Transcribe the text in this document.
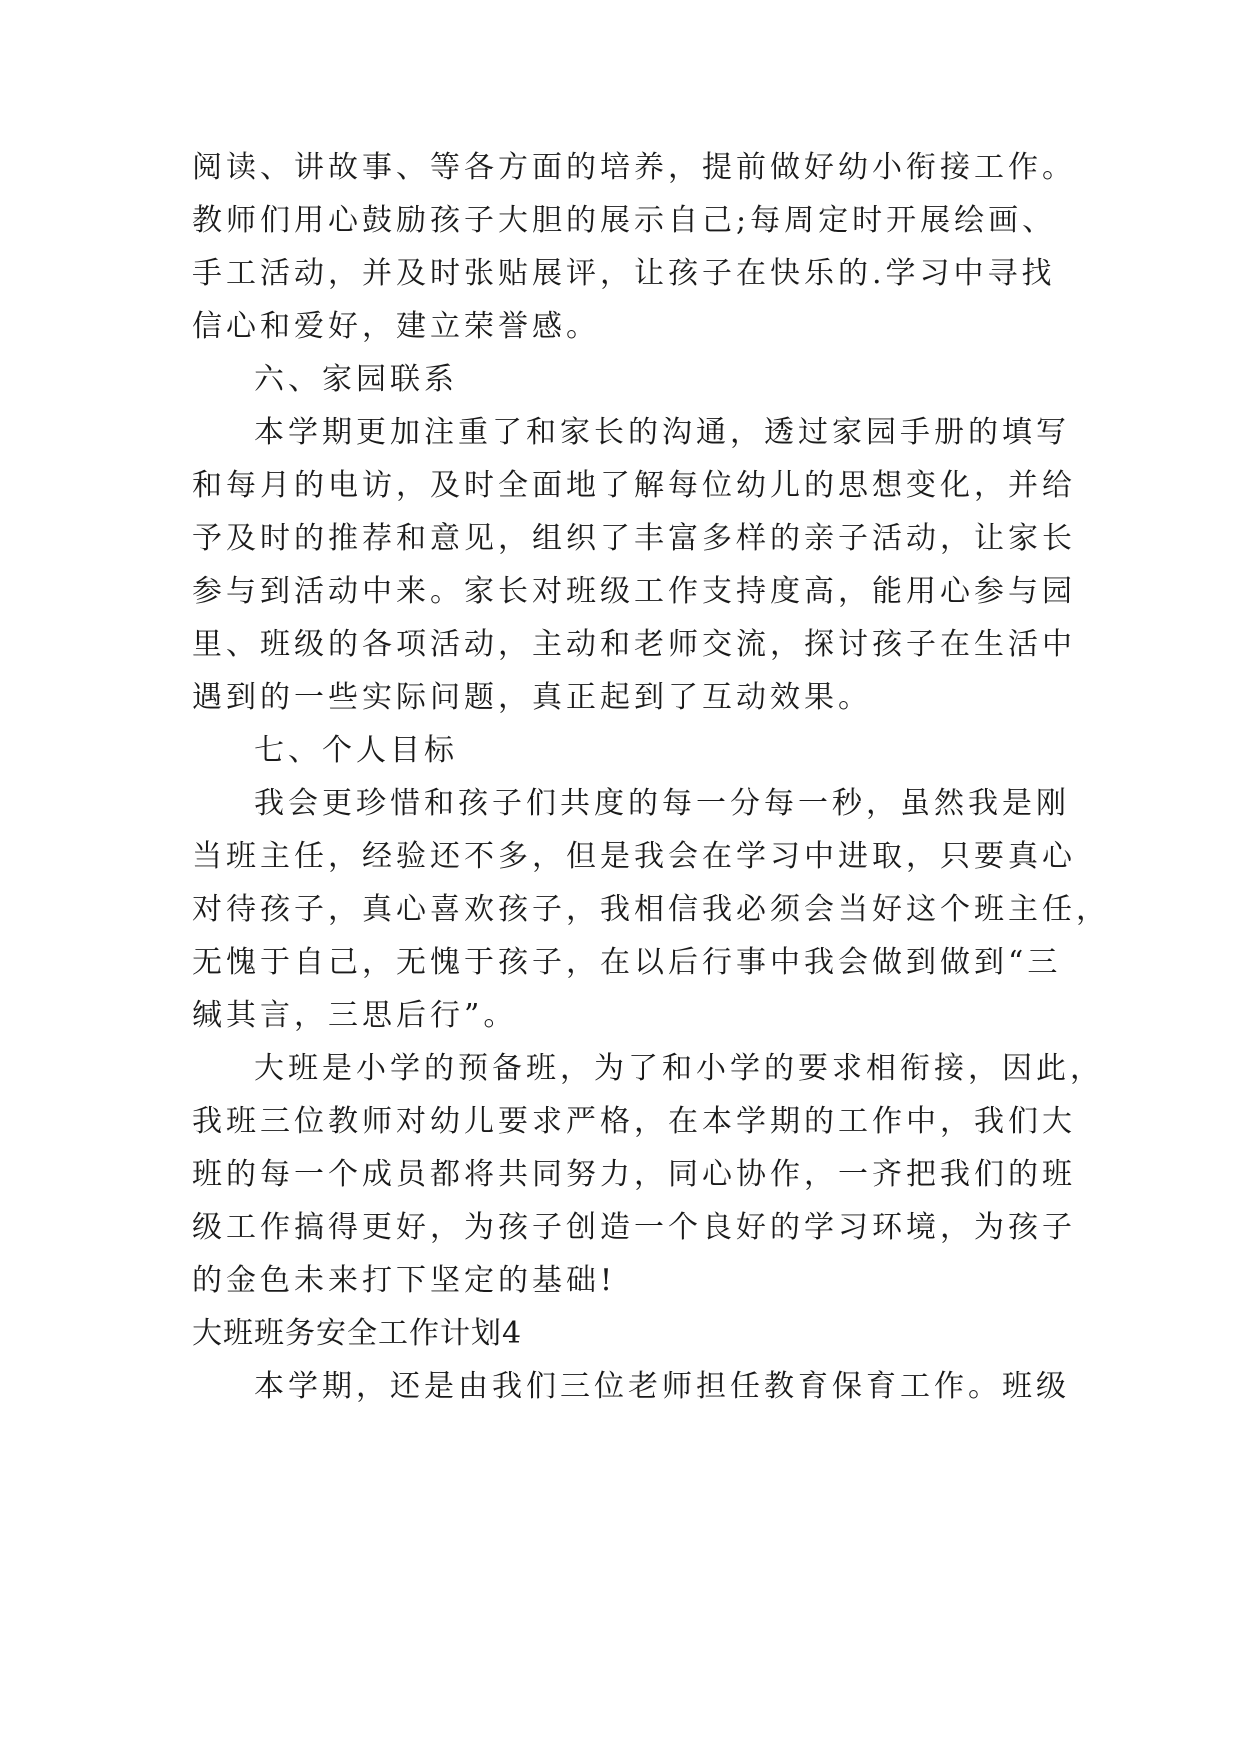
阅读、讲故事、等各方面的培养，提前做好幼小衔接工作。
教师们用心鼓励孩子大胆的展示自己;每周定时开展绘画、
手工活动，并及时张贴展评，让孩子在快乐的.学习中寻找
信心和爱好，建立荣誉感。
六、家园联系
本学期更加注重了和家长的沟通，透过家园手册的填写
和每月的电访，及时全面地了解每位幼儿的思想变化，并给
予及时的推荐和意见，组织了丰富多样的亲子活动，让家长
参与到活动中来。家长对班级工作支持度高，能用心参与园
里、班级的各项活动，主动和老师交流，探讨孩子在生活中
遇到的一些实际问题，真正起到了互动效果。
七、个人目标
我会更珍惜和孩子们共度的每一分每一秒，虽然我是刚
当班主任，经验还不多，但是我会在学习中进取，只要真心
对待孩子，真心喜欢孩子，我相信我必须会当好这个班主任，
无愧于自己，无愧于孩子，在以后行事中我会做到做到“三
缄其言，三思后行”。
大班是小学的预备班，为了和小学的要求相衔接，因此，
我班三位教师对幼儿要求严格，在本学期的工作中，我们大
班的每一个成员都将共同努力，同心协作，一齐把我们的班
级工作搞得更好，为孩子创造一个良好的学习环境，为孩子
的金色未来打下坚定的基础!
大班班务安全工作计划4
本学期，还是由我们三位老师担任教育保育工作。班级
